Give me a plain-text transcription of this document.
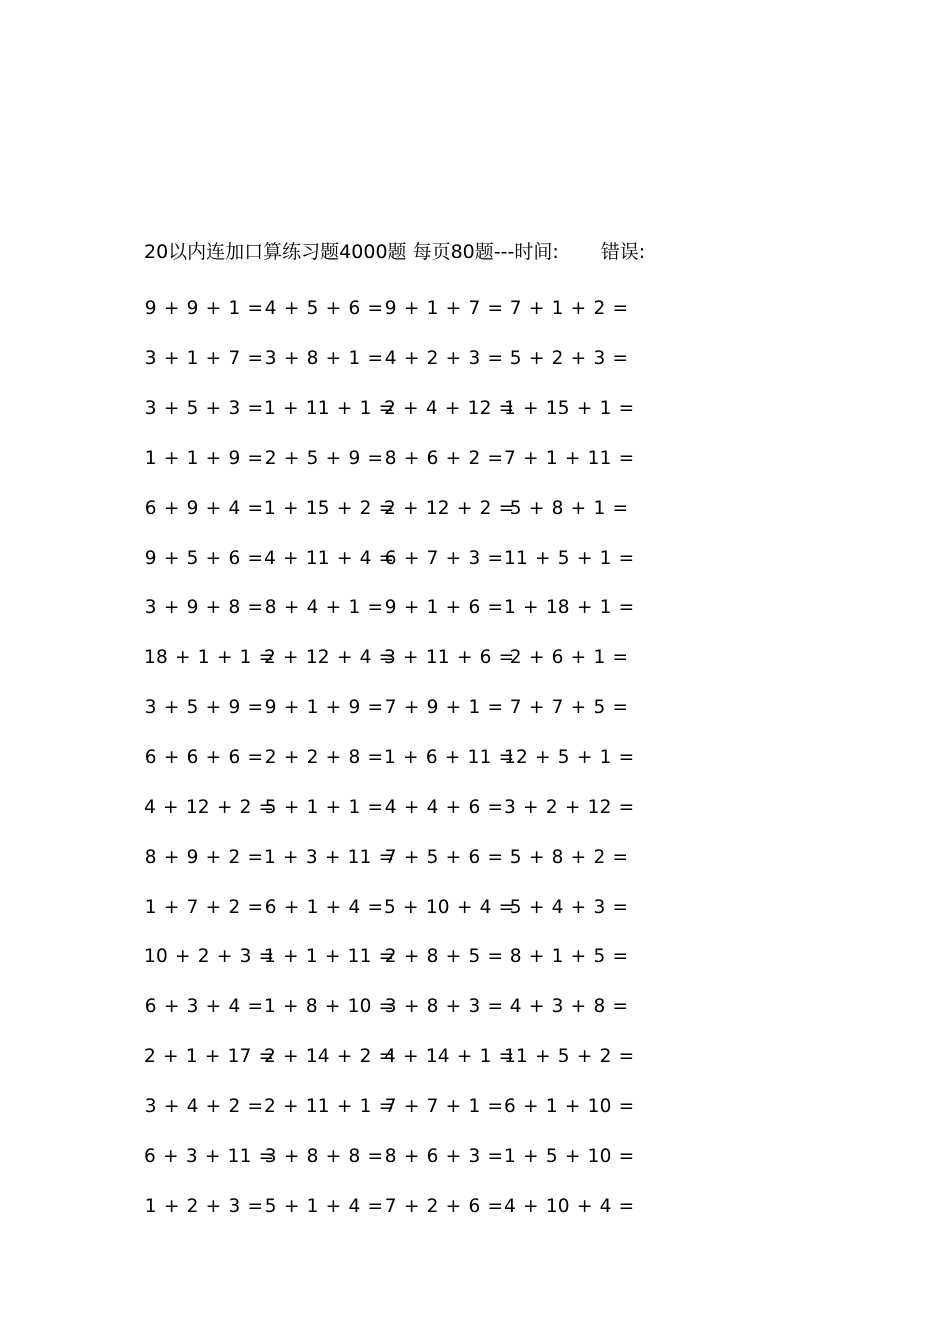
20以内连加口算练习题4000题 每页80题---时间: 错误:
9 + 9 + 1 = 4 + 5 + 6 = 9 + 1 + 7 = 7 + 1 + 2 =
3 + 1 + 7 = 3 + 8 + 1 = 4 + 2 + 3 = 5 + 2 + 3 =
3 + 5 + 3 = 1 + 11 + 1 =
2 + 4 + 12 =
1 + 15 + 1 =
1 + 1 + 9 = 2 + 5 + 9 = 8 + 6 + 2 = 7 + 1 + 11 =
6 + 9 + 4 = 1 + 15 + 2 =
2 + 12 + 2 =
5 + 8 + 1 =
9 + 5 + 6 = 4 + 11 + 4 =
6 + 7 + 3 = 11 + 5 + 1 =
3 + 9 + 8 = 8 + 4 + 1 = 9 + 1 + 6 = 1 + 18 + 1 =
18 + 1 + 1 =
2 + 12 + 4 =
3 + 11 + 6 =
2 + 6 + 1 =
3 + 5 + 9 = 9 + 1 + 9 = 7 + 9 + 1 = 7 + 7 + 5 =
6 + 6 + 6 = 2 + 2 + 8 = 1 + 6 + 11 =
12 + 5 + 1 =
4 + 12 + 2 =
5 + 1 + 1 = 4 + 4 + 6 = 3 + 2 + 12 =
8 + 9 + 2 = 1 + 3 + 11 =
7 + 5 + 6 = 5 + 8 + 2 =
1 + 7 + 2 = 6 + 1 + 4 = 5 + 10 + 4 =
5 + 4 + 3 =
10 + 2 + 3 =
1 + 1 + 11 =
2 + 8 + 5 = 8 + 1 + 5 =
6 + 3 + 4 = 1 + 8 + 10 =
3 + 8 + 3 = 4 + 3 + 8 =
2 + 1 + 17 =
2 + 14 + 2 =
4 + 14 + 1 =
11 + 5 + 2 =
3 + 4 + 2 = 2 + 11 + 1 =
7 + 7 + 1 = 6 + 1 + 10 =
6 + 3 + 11 =
3 + 8 + 8 = 8 + 6 + 3 = 1 + 5 + 10 =
1 + 2 + 3 = 5 + 1 + 4 = 7 + 2 + 6 = 4 + 10 + 4 =
